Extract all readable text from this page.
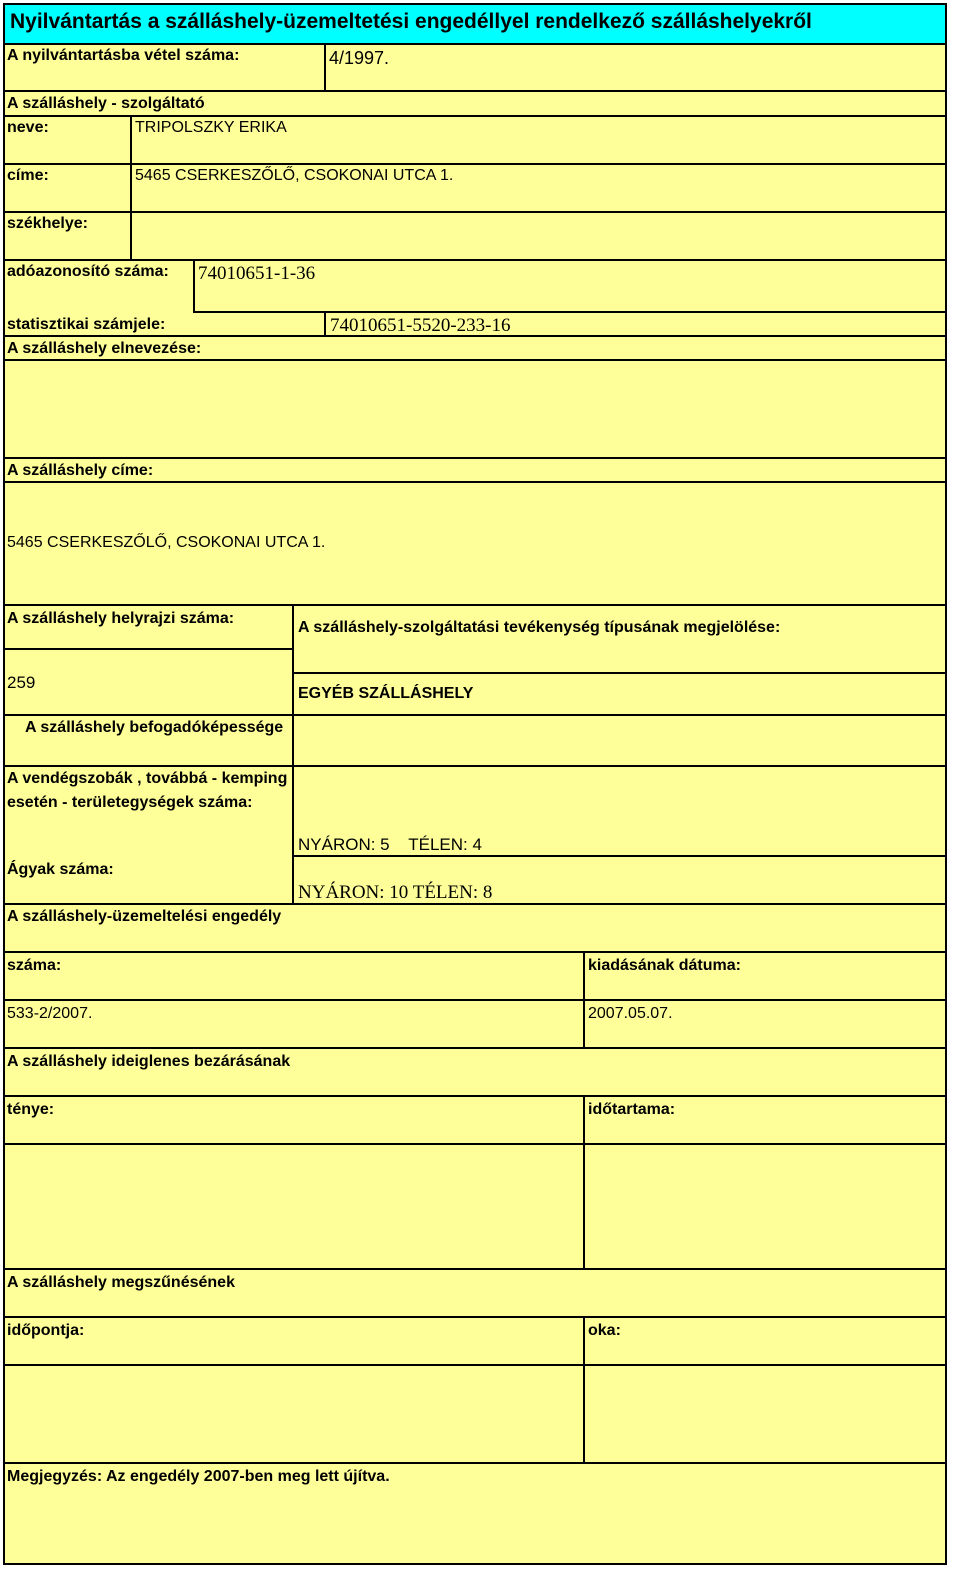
Nyilvántartás a szálláshely-üzemeltetési engedéllyel rendelkező szálláshelyekről
A nyilvántartásba vétel száma:	4/1997.
A szálláshely - szolgáltató
neve:	TRIPOLSZKY ERIKA
címe:	5465 CSERKESZŐLŐ, CSOKONAI UTCA 1.
székhelye:
adóazonosító száma: 74010651-1-36
statisztikai számjele:	74010651-5520-233-16
A szálláshely elnevezése:
A szálláshely címe:
5465 CSERKESZŐLŐ, CSOKONAI UTCA 1.
A szálláshely helyrajzi száma:
259
A szálláshely-szolgáltatási tevékenység típusának megjelölése:
EGYÉB SZÁLLÁSHELY
A szálláshely befogadóképessége
A vendégszobák , továbbá - kemping
esetén - területegységek száma:
NYÁRON: 5    TÉLEN: 4
Ágyak száma:
NYÁRON: 10 TÉLEN: 8
A szálláshely-üzemeltelési engedély
száma:	kiadásának dátuma:
533-2/2007.	2007.05.07.
A szálláshely ideiglenes bezárásának
ténye:	időtartama:
A szálláshely megszűnésének
időpontja:	oka:
Megjegyzés: Az engedély 2007-ben meg lett újítva.
